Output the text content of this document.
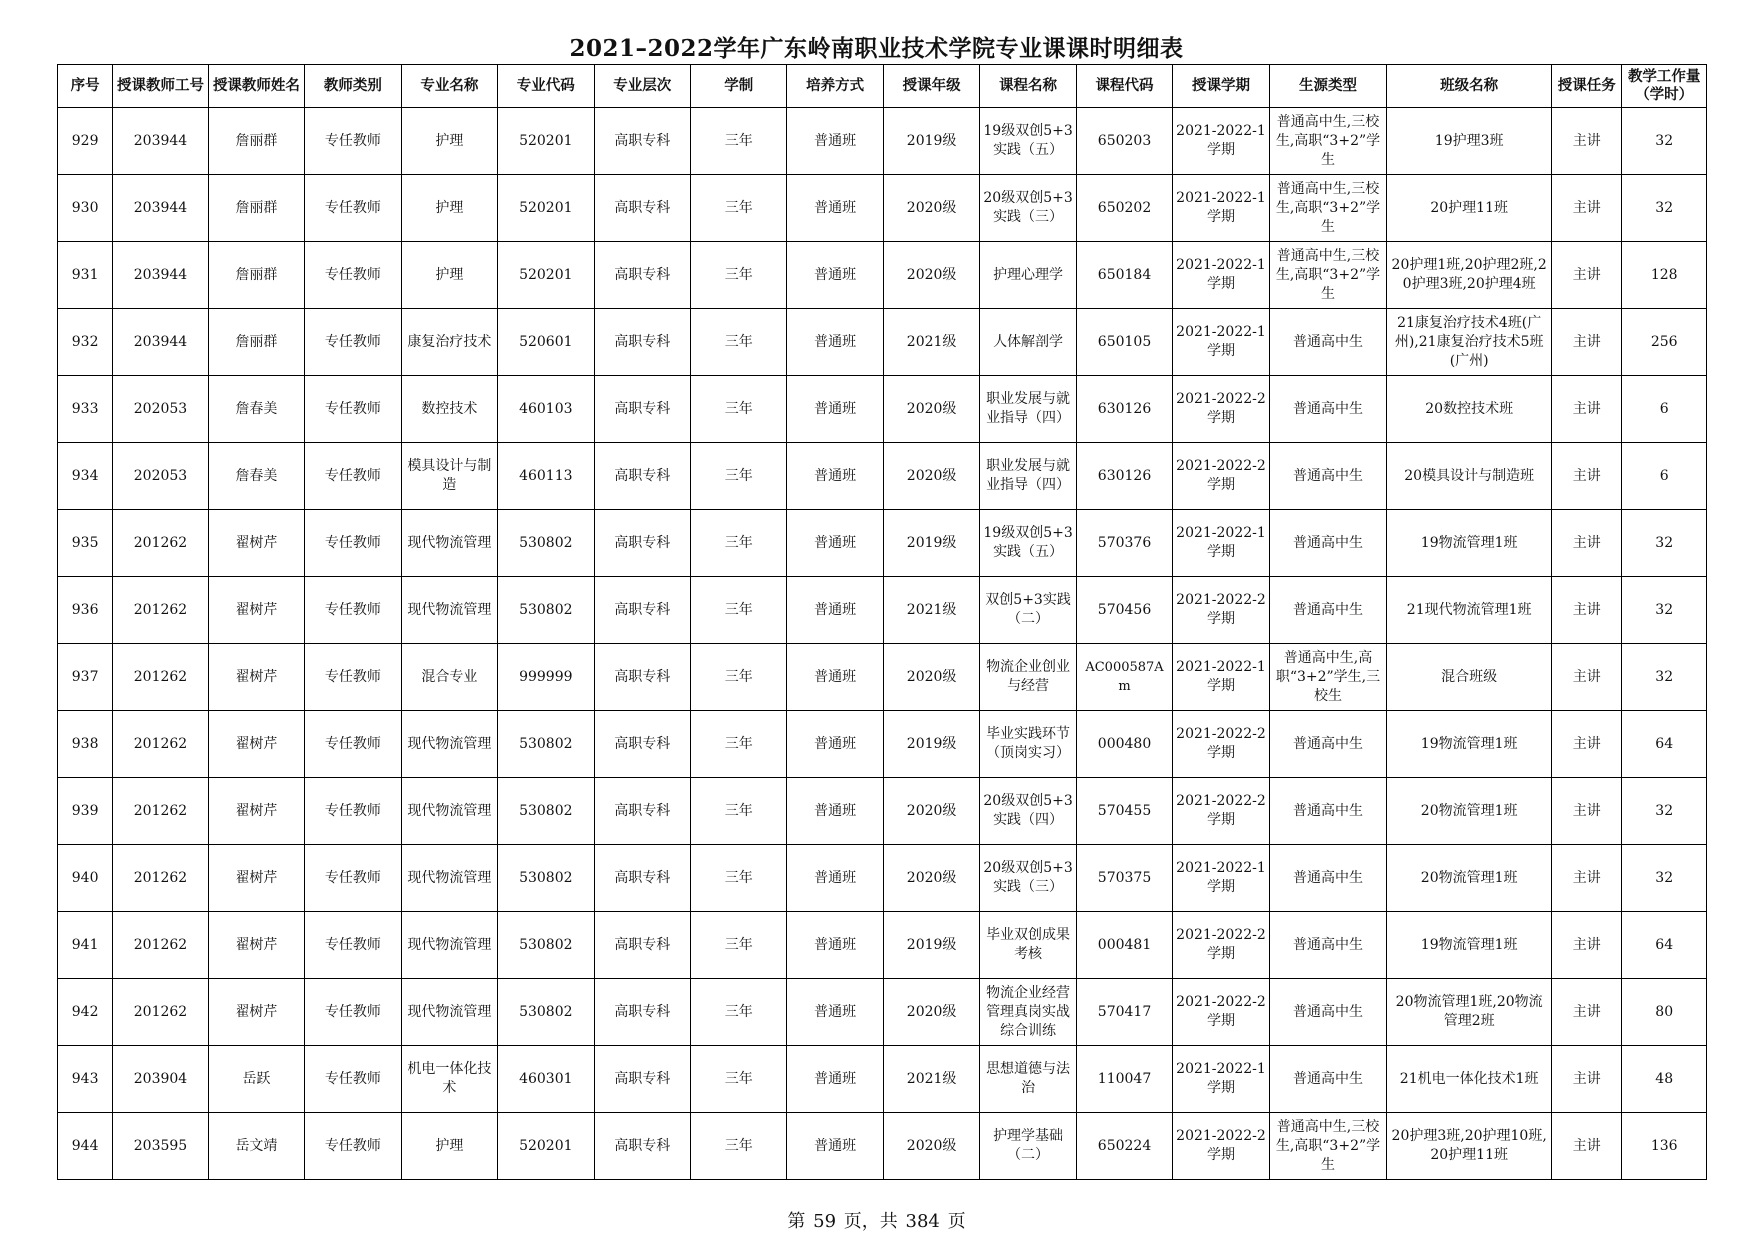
2021–2022学年广东岭南职业技术学院专业课课时明细表
序号	授课教师工号	授课教师姓名	教师类别	专业名称	专业代码	专业层次	学制	培养方式	授课年级	课程名称	课程代码	授课学期	生源类型	班级名称	授课任务	教学工作量（学时）

929	203944	詹丽群	专任教师	护理	520201	高职专科	三年	普通班	2019级	19级双创5+3实践（五）	650203	2021-2022-1学期	普通高中生,三校生,高职“3+2”学生	19护理3班	主讲	32

930	203944	詹丽群	专任教师	护理	520201	高职专科	三年	普通班	2020级	20级双创5+3实践（三）	650202	2021-2022-1学期	普通高中生,三校生,高职“3+2”学生	20护理11班	主讲	32

931	203944	詹丽群	专任教师	护理	520201	高职专科	三年	普通班	2020级	护理心理学	650184	2021-2022-1学期	普通高中生,三校生,高职“3+2”学生	20护理1班,20护理2班,20护理3班,20护理4班	主讲	128

932	203944	詹丽群	专任教师	康复治疗技术	520601	高职专科	三年	普通班	2021级	人体解剖学	650105	2021-2022-1学期	普通高中生	21康复治疗技术4班(广州),21康复治疗技术5班(广州)	主讲	256

933	202053	詹春美	专任教师	数控技术	460103	高职专科	三年	普通班	2020级	职业发展与就业指导（四）	630126	2021-2022-2学期	普通高中生	20数控技术班	主讲	6

934	202053	詹春美	专任教师	模具设计与制造	460113	高职专科	三年	普通班	2020级	职业发展与就业指导（四）	630126	2021-2022-2学期	普通高中生	20模具设计与制造班	主讲	6

935	201262	翟树芹	专任教师	现代物流管理	530802	高职专科	三年	普通班	2019级	19级双创5+3实践（五）	570376	2021-2022-1学期	普通高中生	19物流管理1班	主讲	32

936	201262	翟树芹	专任教师	现代物流管理	530802	高职专科	三年	普通班	2021级	双创5+3实践（二）	570456	2021-2022-2学期	普通高中生	21现代物流管理1班	主讲	32

937	201262	翟树芹	专任教师	混合专业	999999	高职专科	三年	普通班	2020级	物流企业创业与经营	AC000587Am	2021-2022-1学期	普通高中生,高职“3+2”学生,三校生	混合班级	主讲	32

938	201262	翟树芹	专任教师	现代物流管理	530802	高职专科	三年	普通班	2019级	毕业实践环节（顶岗实习）	000480	2021-2022-2学期	普通高中生	19物流管理1班	主讲	64

939	201262	翟树芹	专任教师	现代物流管理	530802	高职专科	三年	普通班	2020级	20级双创5+3实践（四）	570455	2021-2022-2学期	普通高中生	20物流管理1班	主讲	32

940	201262	翟树芹	专任教师	现代物流管理	530802	高职专科	三年	普通班	2020级	20级双创5+3实践（三）	570375	2021-2022-1学期	普通高中生	20物流管理1班	主讲	32

941	201262	翟树芹	专任教师	现代物流管理	530802	高职专科	三年	普通班	2019级	毕业双创成果考核	000481	2021-2022-2学期	普通高中生	19物流管理1班	主讲	64

942	201262	翟树芹	专任教师	现代物流管理	530802	高职专科	三年	普通班	2020级	物流企业经营管理真岗实战综合训练	570417	2021-2022-2学期	普通高中生	20物流管理1班,20物流管理2班	主讲	80

943	203904	岳跃	专任教师	机电一体化技术	460301	高职专科	三年	普通班	2021级	思想道德与法治	110047	2021-2022-1学期	普通高中生	21机电一体化技术1班	主讲	48

944	203595	岳文靖	专任教师	护理	520201	高职专科	三年	普通班	2020级	护理学基础（二）	650224	2021-2022-2学期	普通高中生,三校生,高职“3+2”学生	20护理3班,20护理10班,20护理11班	主讲	136
第 59 页，共 384 页
